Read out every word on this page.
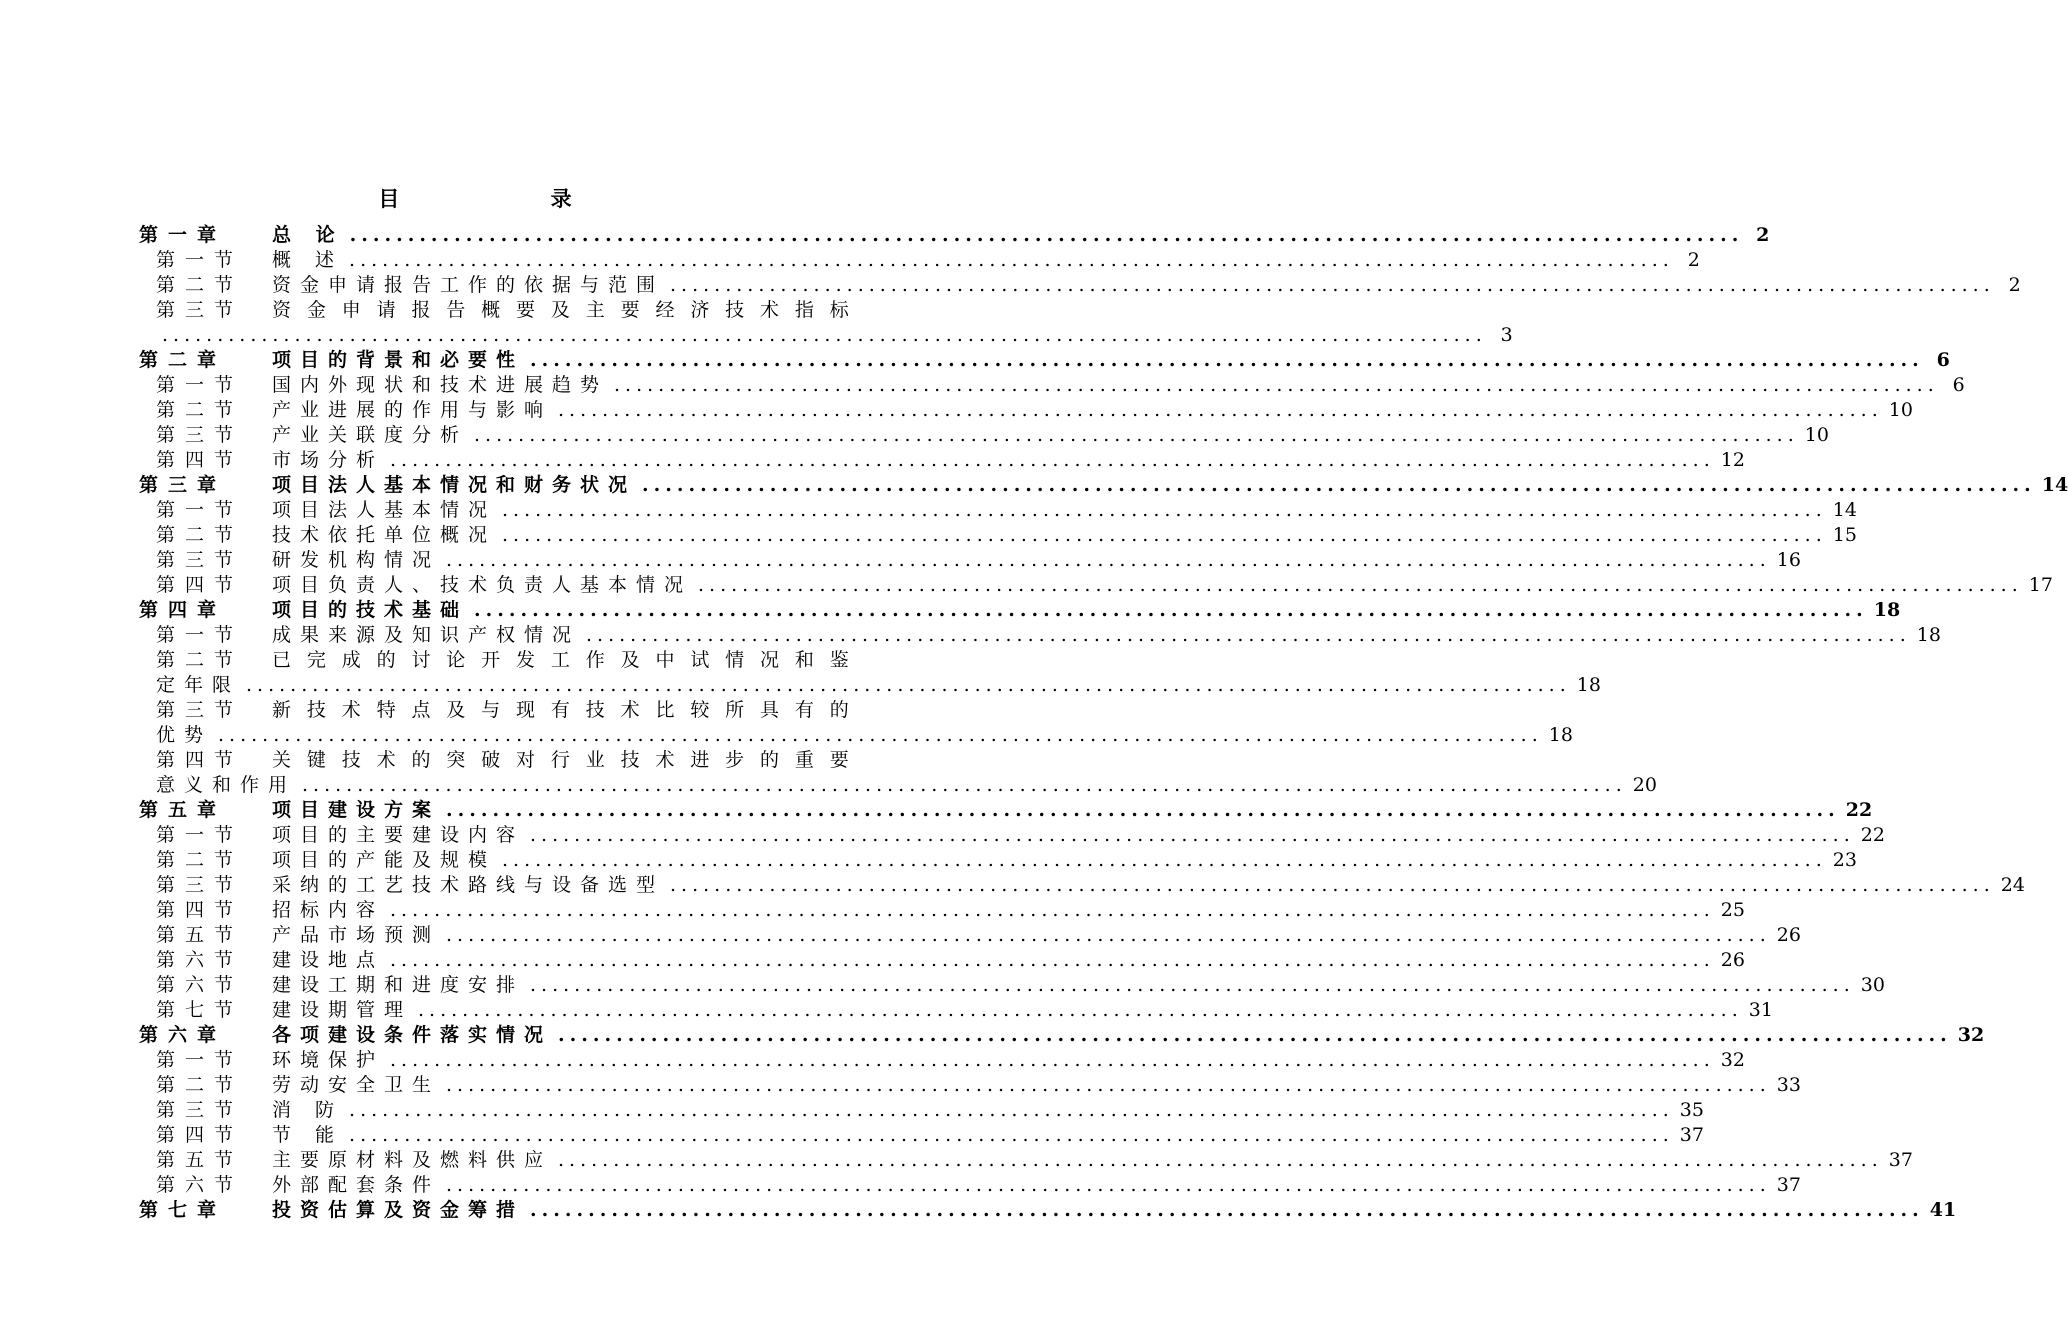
目 录
第一章	总 论 ........................................................................................................................ 2
第一节	概 述 ........................................................................................................................ 2
第二节	资金申请报告工作的依据与范围 ........................................................................................................................ 2
第三节	资 金 申 请 报 告 概 要 及 主 要 经 济 技 术 指 标
........................................................................................................................ 3
第二章	项目的背景和必要性 ........................................................................................................................ 6
第一节	国内外现状和技术进展趋势 ........................................................................................................................ 6
第二节	产业进展的作用与影响 ........................................................................................................................ 10
第三节	产业关联度分析 ........................................................................................................................ 10
第四节	市场分析 ........................................................................................................................ 12
第三章	项目法人基本情况和财务状况 ........................................................................................................................ 14
第一节	项目法人基本情况 ........................................................................................................................ 14
第二节	技术依托单位概况 ........................................................................................................................ 15
第三节	研发机构情况 ........................................................................................................................ 16
第四节	项目负责人、技术负责人基本情况 ........................................................................................................................ 17
第四章	项目的技术基础 ........................................................................................................................ 18
第一节	成果来源及知识产权情况 ........................................................................................................................ 18
第二节	已 完 成 的 讨 论 开 发 工 作 及 中 试 情 况 和 鉴
定年限 ........................................................................................................................ 18
第三节	新 技 术 特 点 及 与 现 有 技 术 比 较 所 具 有 的
优势 ........................................................................................................................ 18
第四节	关 键 技 术 的 突 破 对 行 业 技 术 进 步 的 重 要
意义和作用 ........................................................................................................................ 20
第五章	项目建设方案 ........................................................................................................................ 22
第一节	项目的主要建设内容 ........................................................................................................................ 22
第二节	项目的产能及规模 ........................................................................................................................ 23
第三节	采纳的工艺技术路线与设备选型 ........................................................................................................................ 24
第四节	招标内容 ........................................................................................................................ 25
第五节	产品市场预测 ........................................................................................................................ 26
第六节	建设地点 ........................................................................................................................ 26
第六节	建设工期和进度安排 ........................................................................................................................ 30
第七节	建设期管理 ........................................................................................................................ 31
第六章	各项建设条件落实情况 ........................................................................................................................ 32
第一节	环境保护 ........................................................................................................................ 32
第二节	劳动安全卫生 ........................................................................................................................ 33
第三节	消 防 ........................................................................................................................ 35
第四节	节 能 ........................................................................................................................ 37
第五节	主要原材料及燃料供应 ........................................................................................................................ 37
第六节	外部配套条件 ........................................................................................................................ 37
第七章	投资估算及资金筹措 ........................................................................................................................ 41
